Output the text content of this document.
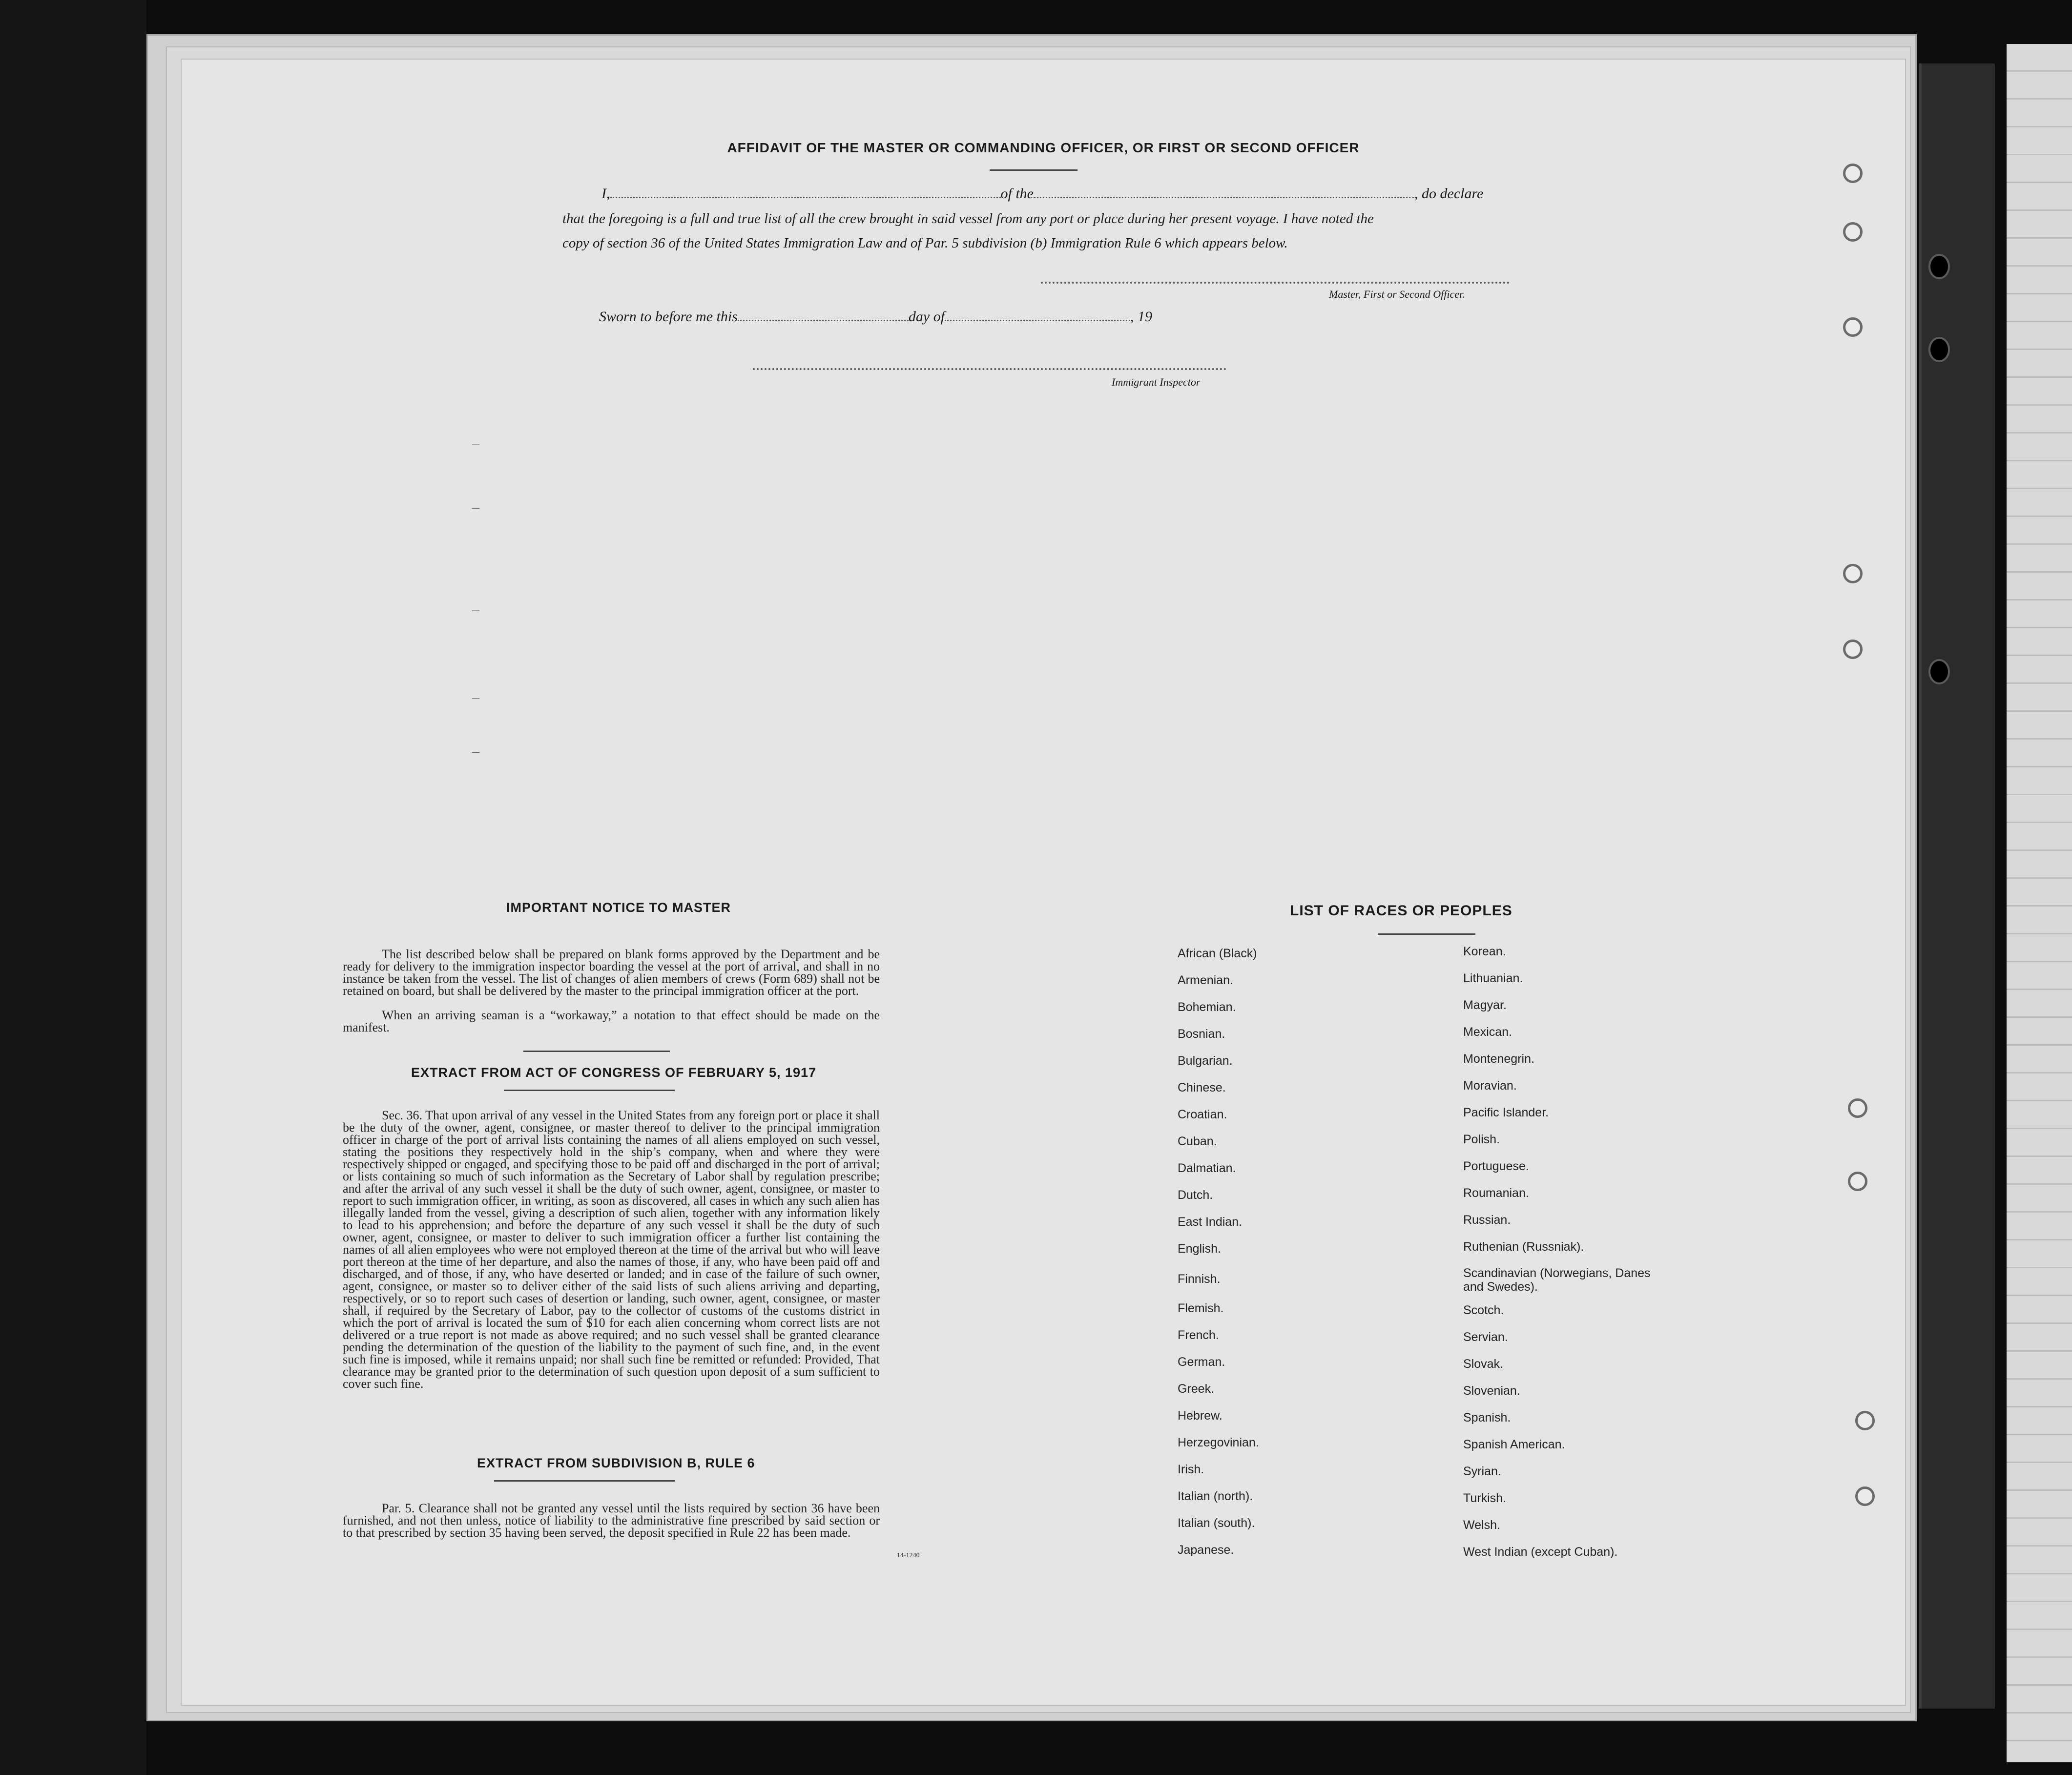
AFFIDAVIT OF THE MASTER OR COMMANDING OFFICER, OR FIRST OR SECOND OFFICER
I,	of the	, do declare
that the foregoing is a full and true list of all the crew brought in said vessel from any port or place during her present voyage. I have noted the
copy of section 36 of the United States Immigration Law and of Par. 5 subdivision (b) Immigration Rule 6 which appears below.
Master, First or Second Officer.
Sworn to before me this	day of	, 19
Immigrant Inspector
IMPORTANT NOTICE TO MASTER
The list described below shall be prepared on blank forms approved by the Department and be ready for delivery to the immigration inspector boarding the vessel at the port of arrival, and shall in no instance be taken from the vessel. The list of changes of alien members of crews (Form 689) shall not be retained on board, but shall be delivered by the master to the principal immigration officer at the port.
When an arriving seaman is a “workaway,” a notation to that effect should be made on the manifest.
EXTRACT FROM ACT OF CONGRESS OF FEBRUARY 5, 1917
Sec. 36. That upon arrival of any vessel in the United States from any foreign port or place it shall be the duty of the owner, agent, consignee, or master thereof to deliver to the principal immigration officer in charge of the port of arrival lists containing the names of all aliens employed on such vessel, stating the positions they respectively hold in the ship’s company, when and where they were respectively shipped or engaged, and specifying those to be paid off and discharged in the port of arrival; or lists containing so much of such information as the Secretary of Labor shall by regulation prescribe; and after the arrival of any such vessel it shall be the duty of such owner, agent, consignee, or master to report to such immigration officer, in writing, as soon as discovered, all cases in which any such alien has illegally landed from the vessel, giving a description of such alien, together with any information likely to lead to his apprehension; and before the departure of any such vessel it shall be the duty of such owner, agent, consignee, or master to deliver to such immigration officer a further list containing the names of all alien employees who were not employed thereon at the time of the arrival but who will leave port thereon at the time of her departure, and also the names of those, if any, who have been paid off and discharged, and of those, if any, who have deserted or landed; and in case of the failure of such owner, agent, consignee, or master so to deliver either of the said lists of such aliens arriving and departing, respectively, or so to report such cases of desertion or landing, such owner, agent, consignee, or master shall, if required by the Secretary of Labor, pay to the collector of customs of the customs district in which the port of arrival is located the sum of $10 for each alien concerning whom correct lists are not delivered or a true report is not made as above required; and no such vessel shall be granted clearance pending the determination of the question of the liability to the payment of such fine, and, in the event such fine is imposed, while it remains unpaid; nor shall such fine be remitted or refunded: Provided, That clearance may be granted prior to the determination of such question upon deposit of a sum sufficient to cover such fine.
EXTRACT FROM SUBDIVISION B, RULE 6
Par. 5. Clearance shall not be granted any vessel until the lists required by section 36 have been furnished, and not then unless, notice of liability to the administrative fine prescribed by said section or to that prescribed by section 35 having been served, the deposit specified in Rule 22 has been made.
14-1240
LIST OF RACES OR PEOPLES
African (Black)
Armenian.
Bohemian.
Bosnian.
Bulgarian.
Chinese.
Croatian.
Cuban.
Dalmatian.
Dutch.
East Indian.
English.
Finnish.
Flemish.
French.
German.
Greek.
Hebrew.
Herzegovinian.
Irish.
Italian (north).
Italian (south).
Japanese.
Korean.
Lithuanian.
Magyar.
Mexican.
Montenegrin.
Moravian.
Pacific Islander.
Polish.
Portuguese.
Roumanian.
Russian.
Ruthenian (Russniak).
Scandinavian (Norwegians, Danes and Swedes).
Scotch.
Servian.
Slovak.
Slovenian.
Spanish.
Spanish American.
Syrian.
Turkish.
Welsh.
West Indian (except Cuban).
–
–
–
–
–
